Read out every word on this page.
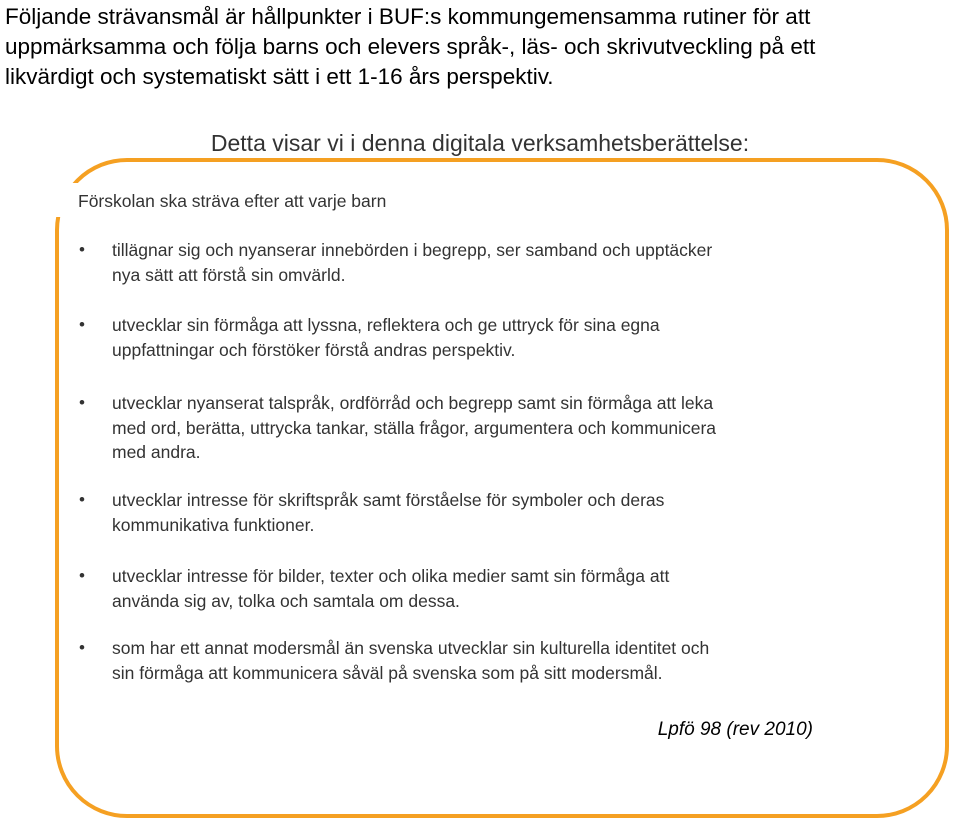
Följande strävansmål är hållpunkter i BUF:s kommungemensamma rutiner för att
uppmärksamma och följa barns och elevers språk-, läs- och skrivutveckling på ett
likvärdigt och systematiskt sätt i ett 1-16 års perspektiv.
Detta visar vi i denna digitala verksamhetsberättelse:

Förskolan ska sträva efter att varje barn

• tillägnar sig och nyanserar innebörden i begrepp, ser samband och upptäcker
nya sätt att förstå sin omvärld.

• utvecklar sin förmåga att lyssna, reflektera och ge uttryck för sina egna
uppfattningar och förstöker förstå andras perspektiv.

• utvecklar nyanserat talspråk, ordförråd och begrepp samt sin förmåga att leka
med ord, berätta, uttrycka tankar, ställa frågor, argumentera och kommunicera
med andra.

• utvecklar intresse för skriftspråk samt förståelse för symboler och deras
kommunikativa funktioner.

• utvecklar intresse för bilder, texter och olika medier samt sin förmåga att
använda sig av, tolka och samtala om dessa.

• som har ett annat modersmål än svenska utvecklar sin kulturella identitet och
sin förmåga att kommunicera såväl på svenska som på sitt modersmål.

Lpfö 98 (rev 2010)
